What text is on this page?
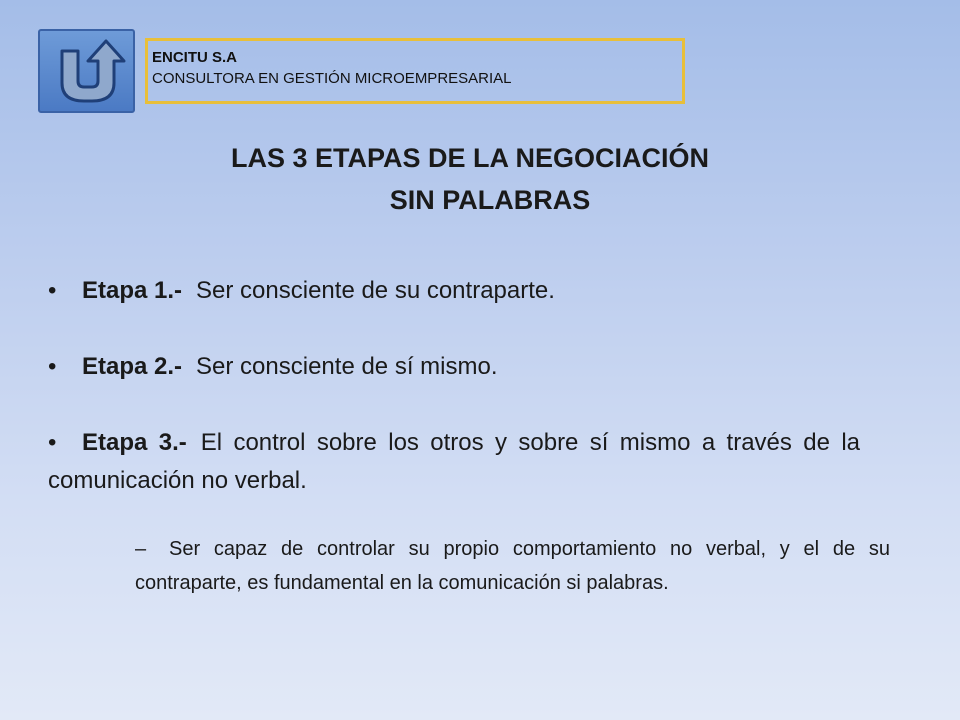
ENCITU S.A
CONSULTORA EN GESTIÓN MICROEMPRESARIAL
LAS 3 ETAPAS DE LA NEGOCIACIÓN
SIN PALABRAS
• Etapa 1.- Ser consciente de su contraparte.
• Etapa 2.- Ser consciente de sí mismo.
• Etapa 3.- El control sobre los otros y sobre sí mismo a través de la comunicación no verbal.
– Ser capaz de controlar su propio comportamiento no verbal, y el de su contraparte, es fundamental en la comunicación si palabras.
